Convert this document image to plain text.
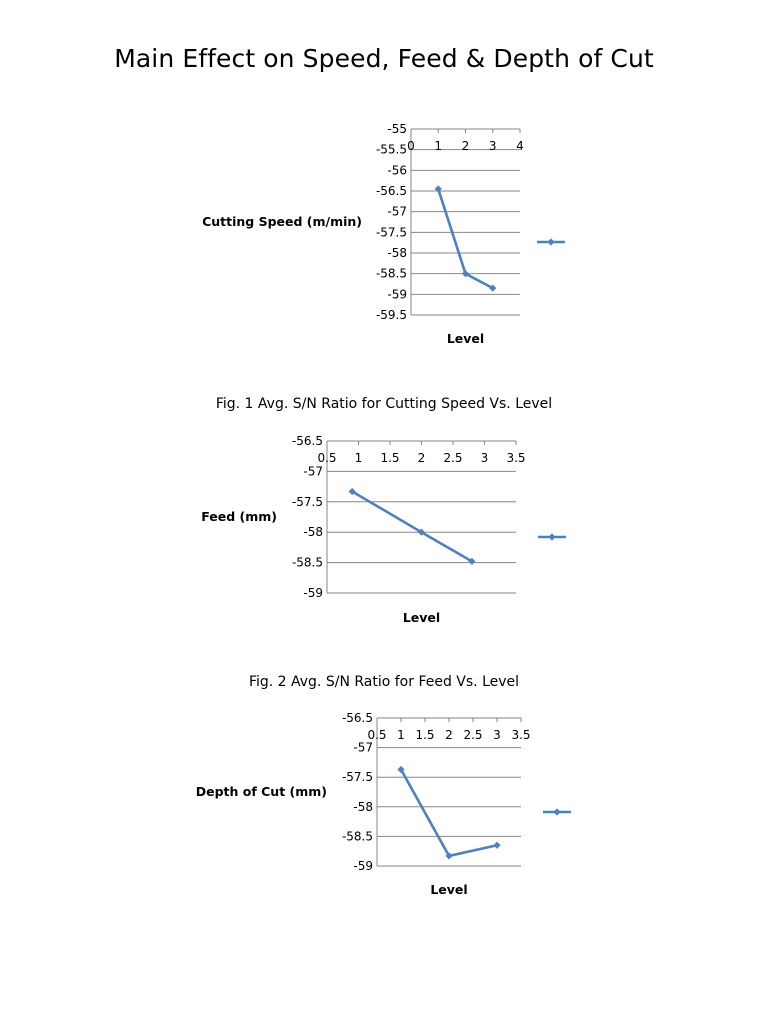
Main Effect on Speed, Feed & Depth of Cut
-55
-55.5
-56
-56.5
-57
-57.5
-58
-58.5
-59
-59.5
0 1 2 3 4
Cutting Speed (m/min)
Level
-56.5
-57
-57.5
-58
-58.5
-59
0.5 1 1.5 2 2.5 3 3.5
Feed (mm)
Level
-56.5
-57
-57.5
-58
-58.5
-59
0.5 1 1.5 2 2.5 3 3.5
Depth of Cut (mm)
Level
Fig. 1 Avg. S/N Ratio for Cutting Speed Vs. Level
Fig. 2 Avg. S/N Ratio for Feed Vs. Level
